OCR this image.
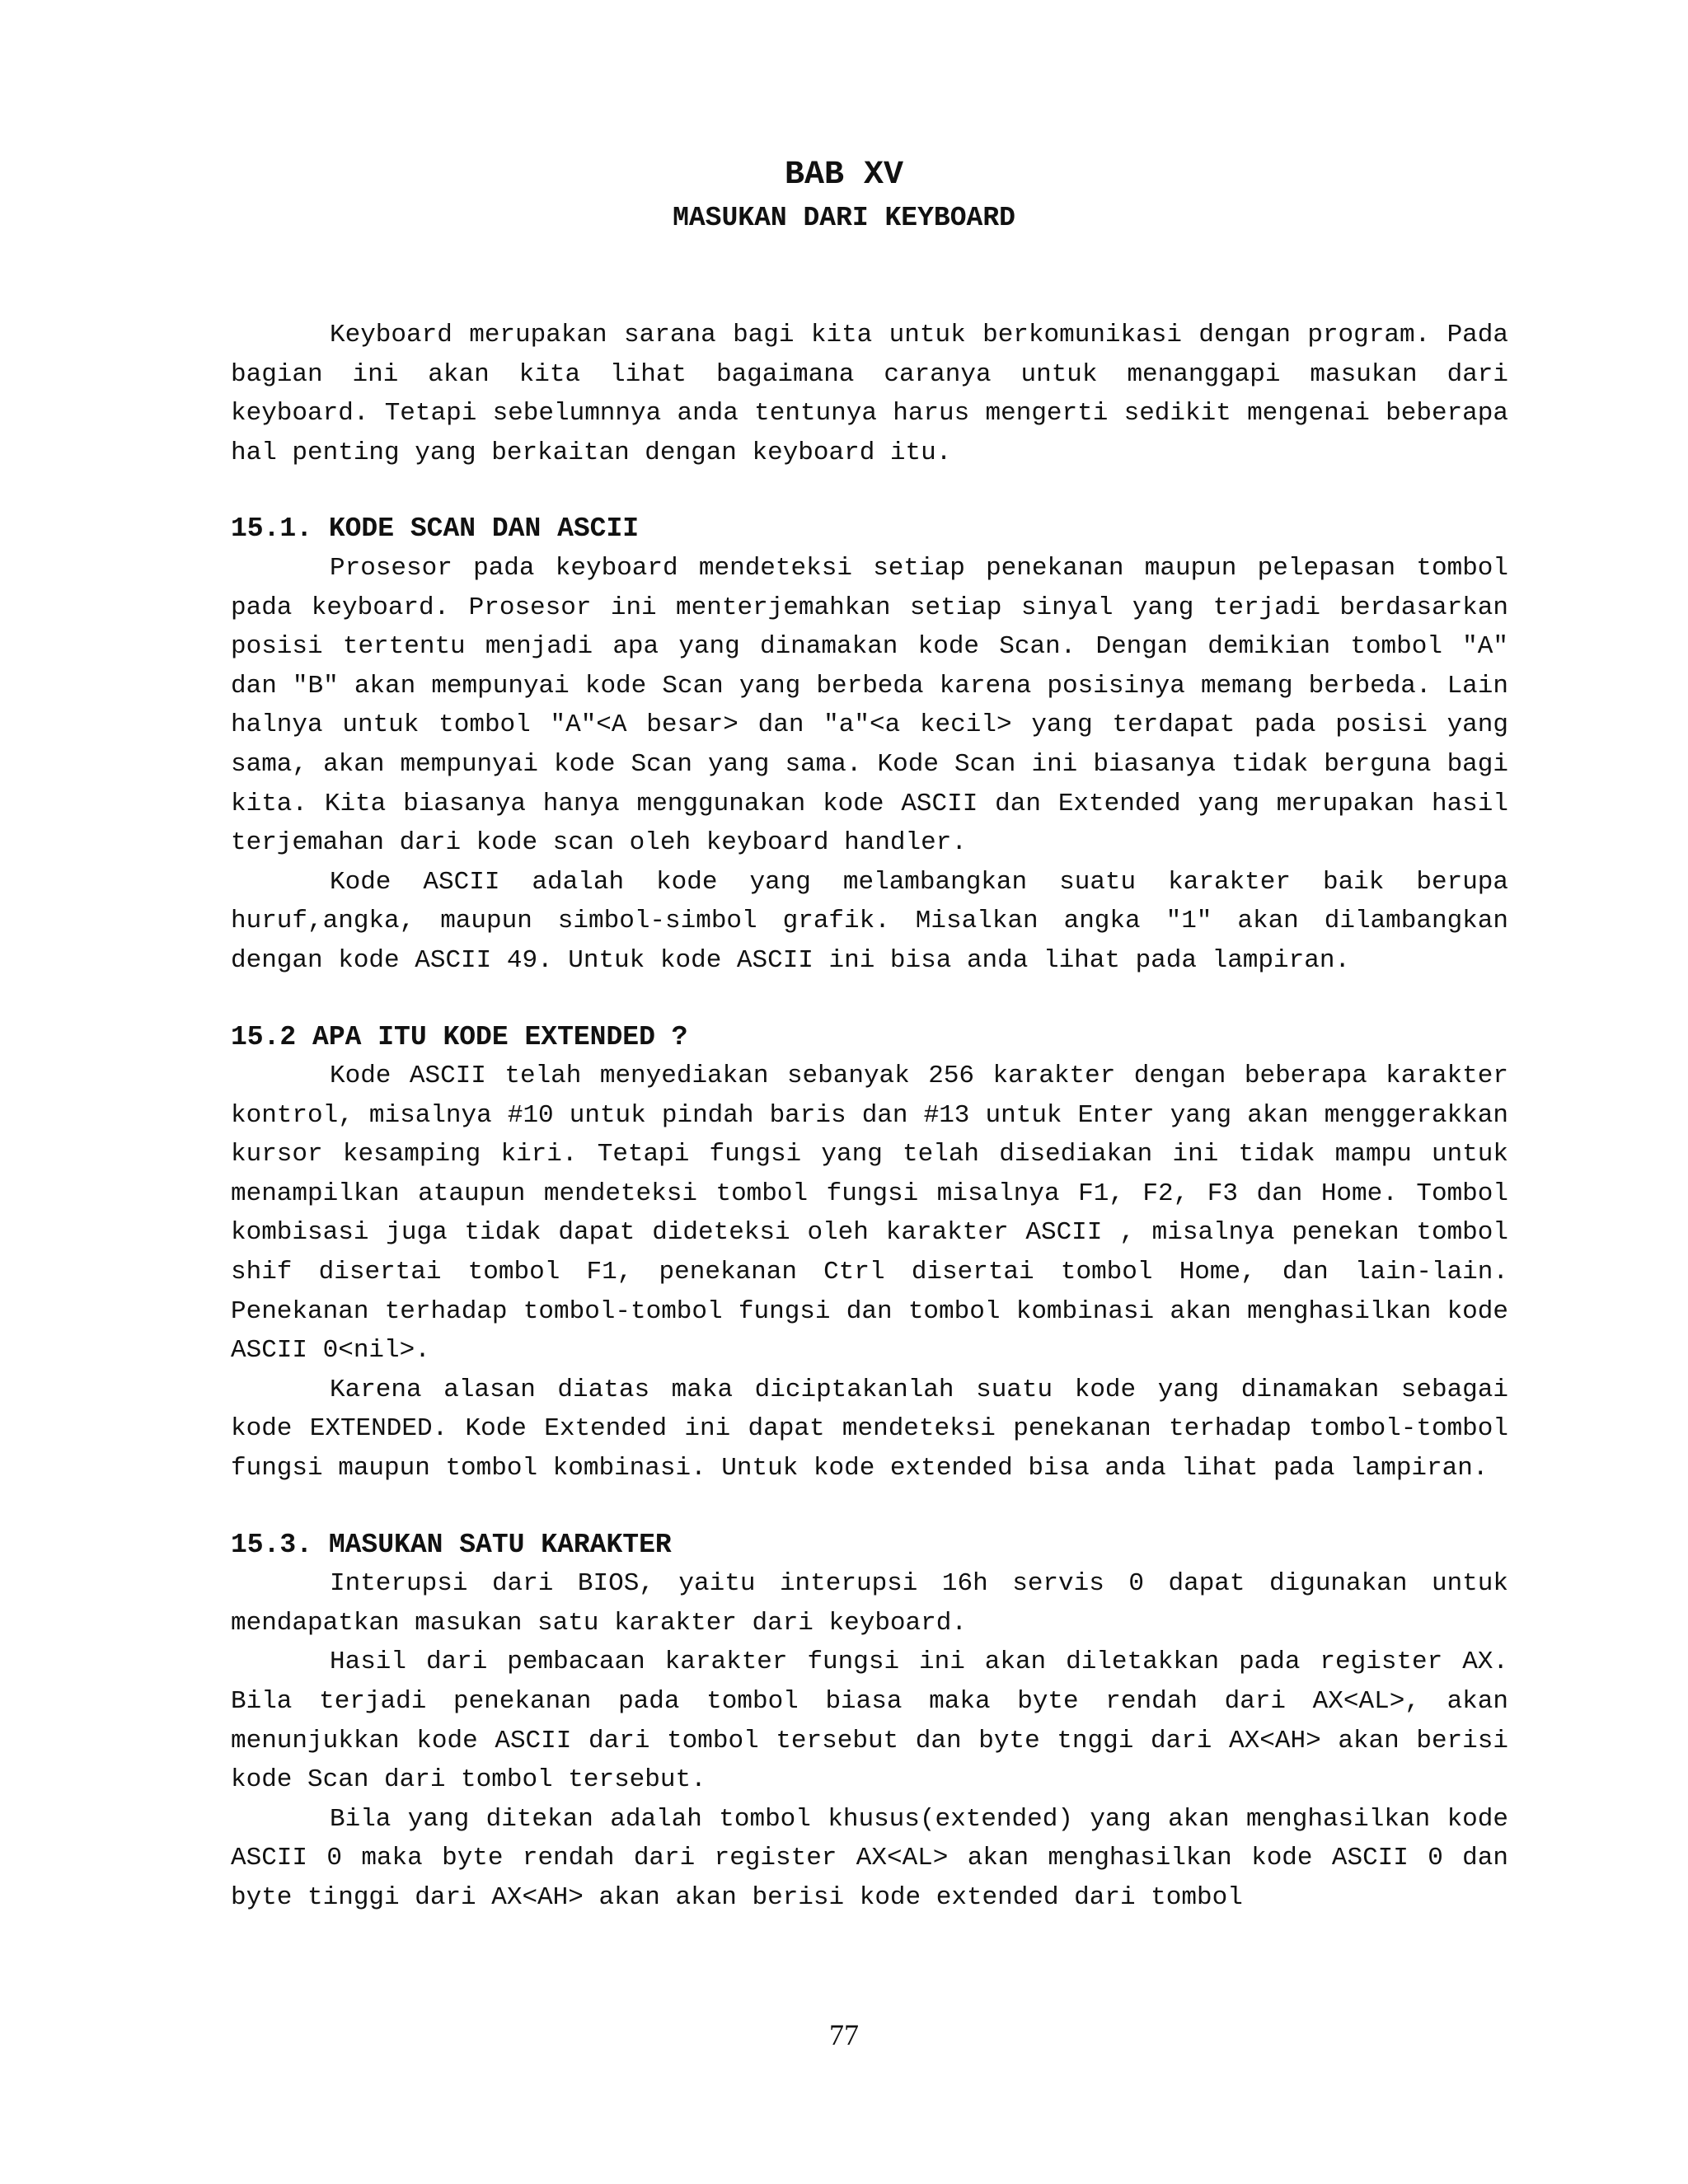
BAB XV
MASUKAN DARI KEYBOARD

Keyboard merupakan sarana bagi kita untuk berkomunikasi dengan program. Pada bagian ini akan kita lihat bagaimana caranya untuk menanggapi masukan dari keyboard. Tetapi sebelumnnya anda tentunya harus mengerti sedikit mengenai beberapa hal penting yang berkaitan dengan keyboard itu.

15.1. KODE SCAN DAN ASCII

Prosesor pada keyboard mendeteksi setiap penekanan maupun pelepasan tombol pada keyboard. Prosesor ini menterjemahkan setiap sinyal yang terjadi berdasarkan posisi tertentu menjadi apa yang dinamakan kode Scan. Dengan demikian tombol "A" dan "B" akan mempunyai kode Scan yang berbeda karena posisinya memang berbeda. Lain halnya untuk tombol "A"<A besar> dan "a"<a kecil> yang terdapat pada posisi yang sama, akan mempunyai kode Scan yang sama. Kode Scan ini biasanya tidak berguna bagi kita. Kita biasanya hanya menggunakan kode ASCII dan Extended yang merupakan hasil terjemahan dari kode scan oleh keyboard handler.

Kode ASCII adalah kode yang melambangkan suatu karakter baik berupa huruf,angka, maupun simbol-simbol grafik. Misalkan angka "1" akan dilambangkan dengan kode ASCII 49. Untuk kode ASCII ini bisa anda lihat pada lampiran.

15.2 APA ITU KODE EXTENDED ?

Kode ASCII telah menyediakan sebanyak 256 karakter dengan beberapa karakter kontrol, misalnya #10 untuk pindah baris dan #13 untuk Enter yang akan menggerakkan kursor kesamping kiri. Tetapi fungsi yang telah disediakan ini tidak mampu untuk menampilkan ataupun mendeteksi tombol fungsi misalnya F1, F2, F3 dan Home. Tombol kombisasi juga tidak dapat dideteksi oleh karakter ASCII , misalnya penekan tombol shif disertai tombol F1, penekanan Ctrl disertai tombol Home, dan lain-lain. Penekanan terhadap tombol-tombol fungsi dan tombol kombinasi akan menghasilkan kode ASCII 0<nil>.

Karena alasan diatas maka diciptakanlah suatu kode yang dinamakan sebagai kode EXTENDED. Kode Extended ini dapat mendeteksi penekanan terhadap tombol-tombol fungsi maupun tombol kombinasi. Untuk kode extended bisa anda lihat pada lampiran.

15.3. MASUKAN SATU KARAKTER

Interupsi dari BIOS, yaitu interupsi 16h servis 0 dapat digunakan untuk mendapatkan masukan satu karakter dari keyboard.

Hasil dari pembacaan karakter fungsi ini akan diletakkan pada register AX. Bila terjadi penekanan pada tombol biasa maka byte rendah dari AX<AL>, akan menunjukkan kode ASCII dari tombol tersebut dan byte tnggi dari AX<AH> akan berisi kode Scan dari tombol tersebut.

Bila yang ditekan adalah tombol khusus(extended) yang akan menghasilkan kode ASCII 0 maka byte rendah dari register AX<AL> akan menghasilkan kode ASCII 0 dan byte tinggi dari AX<AH> akan akan berisi kode extended dari tombol

77
